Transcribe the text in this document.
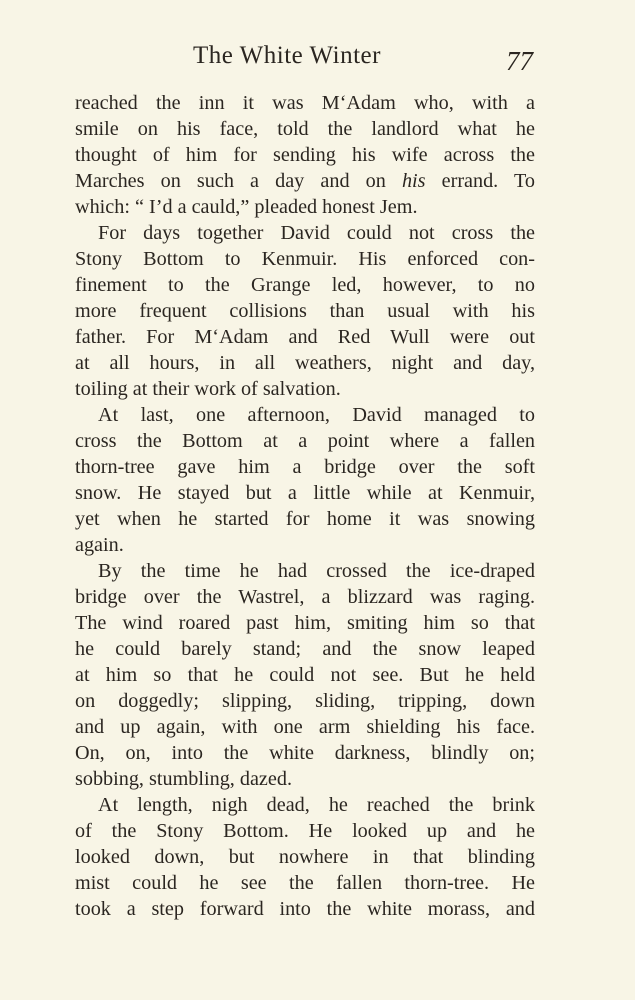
The White Winter	77
reached the inn it was M‘Adam who, with a
smile on his face, told the landlord what he
thought of him for sending his wife across the
Marches on such a day and on his errand. To
which: “ I’d a cauld,” pleaded honest Jem.
For days together David could not cross the
Stony Bottom to Kenmuir. His enforced con-
finement to the Grange led, however, to no
more frequent collisions than usual with his
father. For M‘Adam and Red Wull were out
at all hours, in all weathers, night and day,
toiling at their work of salvation.
At last, one afternoon, David managed to
cross the Bottom at a point where a fallen
thorn-tree gave him a bridge over the soft
snow. He stayed but a little while at Kenmuir,
yet when he started for home it was snowing
again.
By the time he had crossed the ice-draped
bridge over the Wastrel, a blizzard was raging.
The wind roared past him, smiting him so that
he could barely stand; and the snow leaped
at him so that he could not see. But he held
on doggedly; slipping, sliding, tripping, down
and up again, with one arm shielding his face.
On, on, into the white darkness, blindly on;
sobbing, stumbling, dazed.
At length, nigh dead, he reached the brink
of the Stony Bottom. He looked up and he
looked down, but nowhere in that blinding
mist could he see the fallen thorn-tree. He
took a step forward into the white morass, and
